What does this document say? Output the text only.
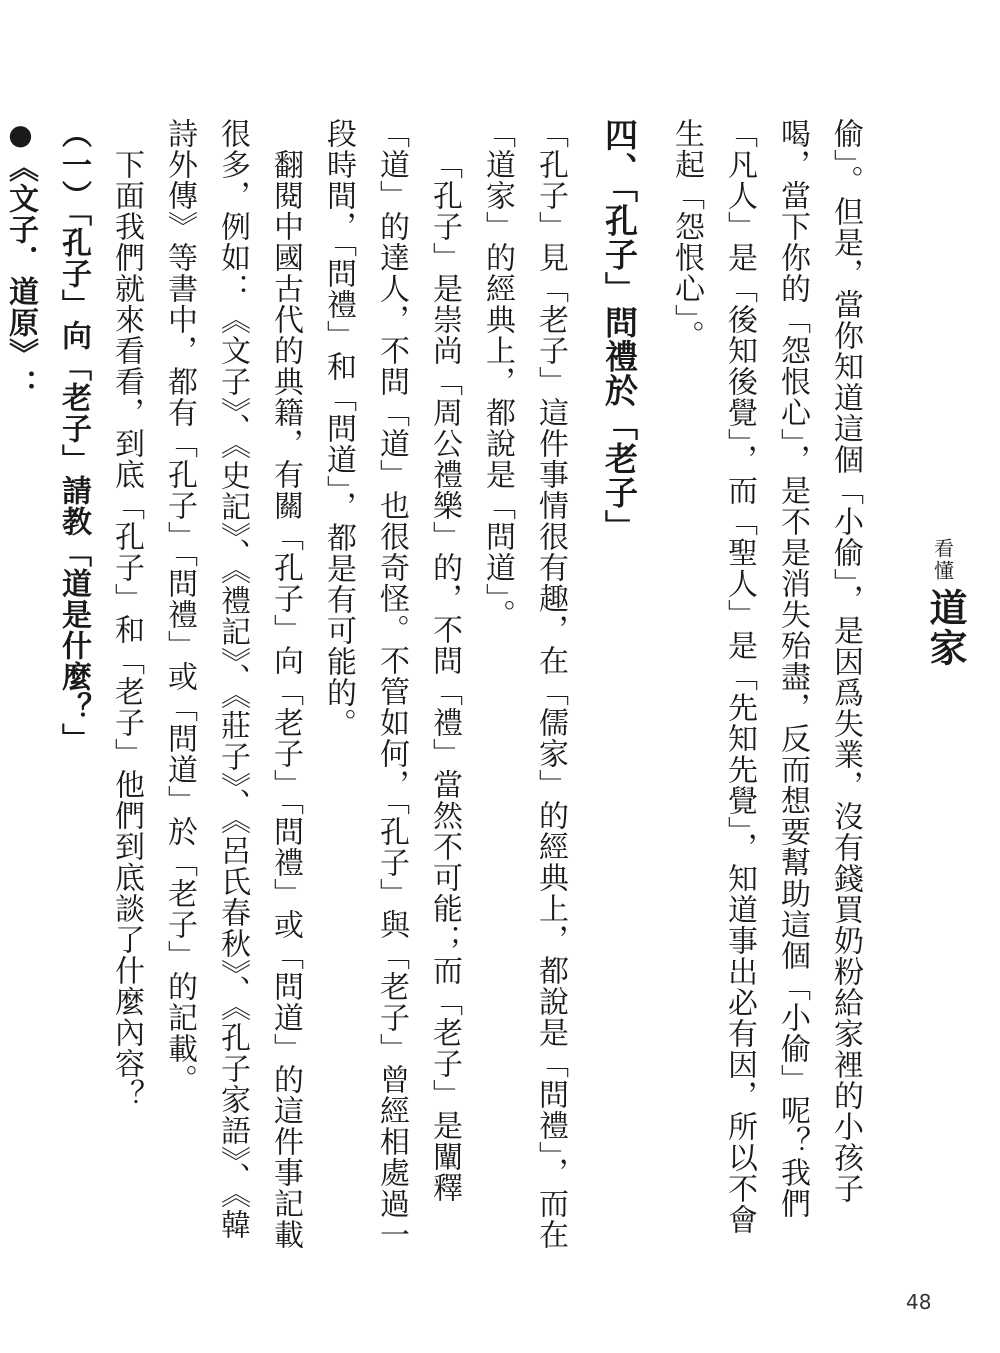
看懂
道家

偷」。但是，當你知道這個「小偷」，是因爲失業，沒有錢買奶粉給家裡的小孩子喝，當下你的「怨恨心」，是不是消失殆盡，反而想要幫助這個「小偷」呢？我們「凡人」是「後知後覺」，而「聖人」是「先知先覺」，知道事出必有因，所以不會生起「怨恨心」。

四、「孔子」問禮於「老子」

「孔子」見「老子」這件事情很有趣，在「儒家」的經典上，都說是「問禮」，而在「道家」的經典上，都說是「問道」。

「孔子」是崇尚「周公禮樂」的，不問「禮」當然不可能；而「老子」是闡釋「道」的達人，不問「道」也很奇怪。不管如何，「孔子」與「老子」曾經相處過一段時間，「問禮」和「問道」，都是有可能的。

翻閱中國古代的典籍，有關「孔子」向「老子」「問禮」或「問道」的這件事記載很多，例如：《文子》、《史記》、《禮記》、《莊子》、《呂氏春秋》、《孔子家語》、《韓詩外傳》等書中，都有「孔子」「問禮」或「問道」於「老子」的記載。

下面我們就來看看，到底「孔子」和「老子」他們到底談了什麼內容？

（一）「孔子」向「老子」請教「道是什麼？」

●《文子．道原》：

48
